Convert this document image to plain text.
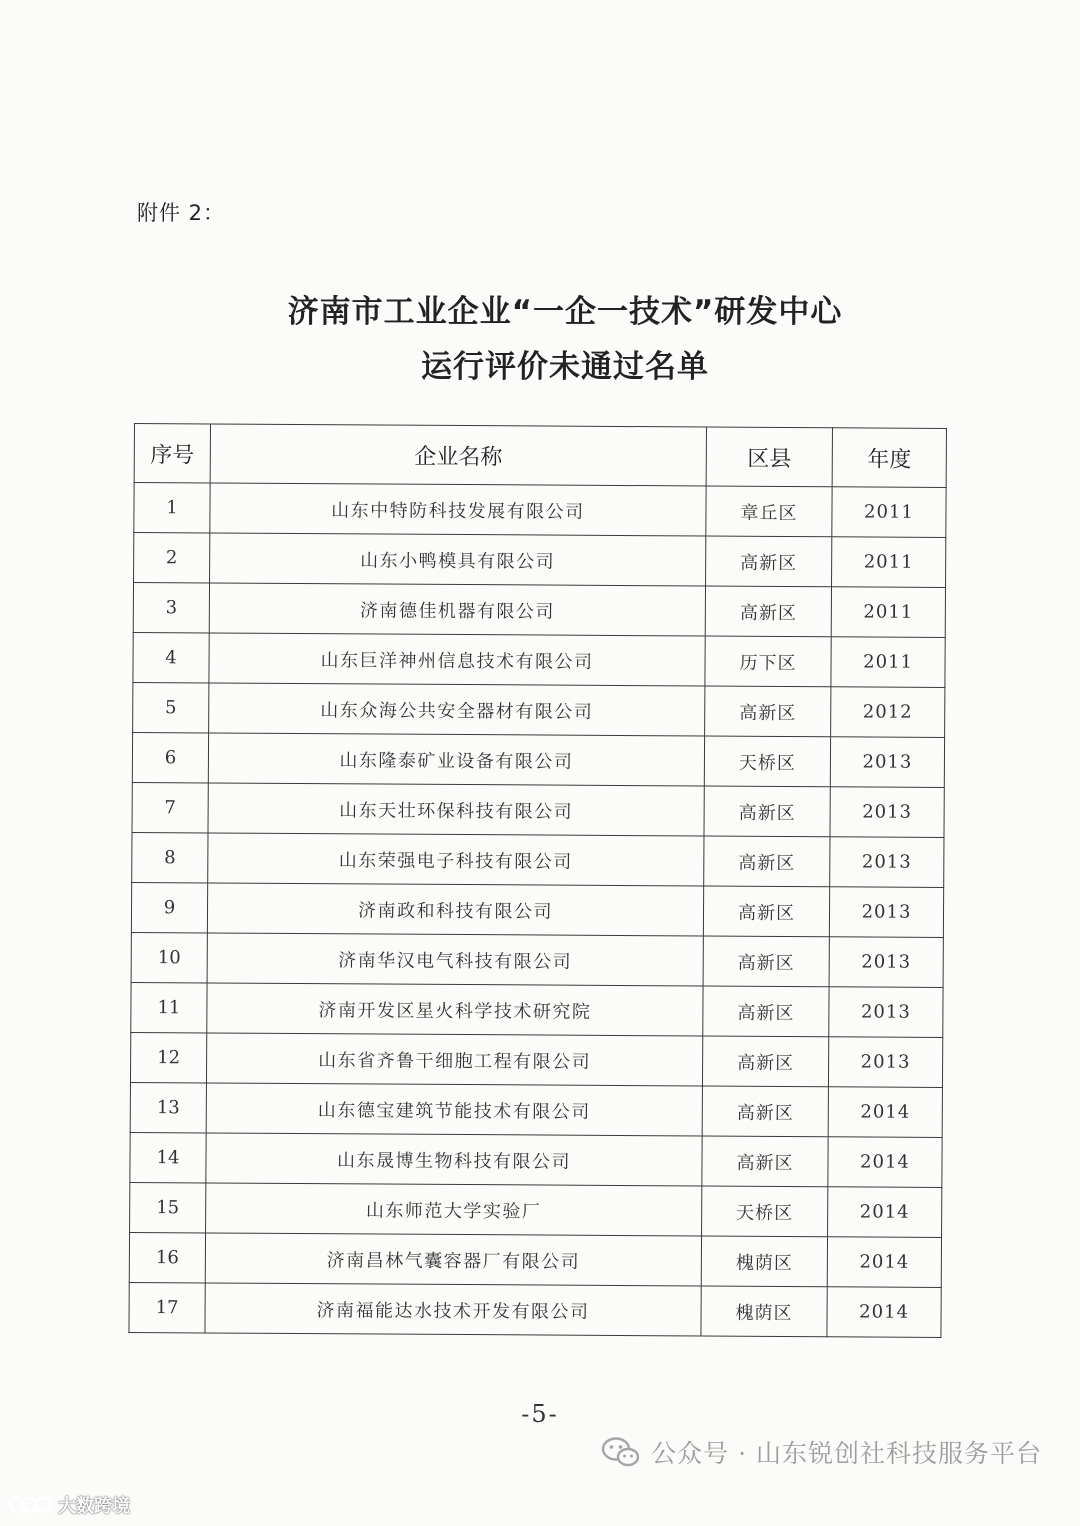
附件 2：
济南市工业企业“一企一技术”研发中心
运行评价未通过名单
序号	企业名称	区县	年度
1	山东中特防科技发展有限公司	章丘区	2011
2	山东小鸭模具有限公司	高新区	2011
3	济南德佳机器有限公司	高新区	2011
4	山东巨洋神州信息技术有限公司	历下区	2011
5	山东众海公共安全器材有限公司	高新区	2012
6	山东隆泰矿业设备有限公司	天桥区	2013
7	山东天壮环保科技有限公司	高新区	2013
8	山东荣强电子科技有限公司	高新区	2013
9	济南政和科技有限公司	高新区	2013
10	济南华汉电气科技有限公司	高新区	2013
11	济南开发区星火科学技术研究院	高新区	2013
12	山东省齐鲁干细胞工程有限公司	高新区	2013
13	山东德宝建筑节能技术有限公司	高新区	2014
14	山东晟博生物科技有限公司	高新区	2014
15	山东师范大学实验厂	天桥区	2014
16	济南昌林气囊容器厂有限公司	槐荫区	2014
17	济南福能达水技术开发有限公司	槐荫区	2014
-5-
公众号 · 山东锐创社科技服务平台
大数跨境
